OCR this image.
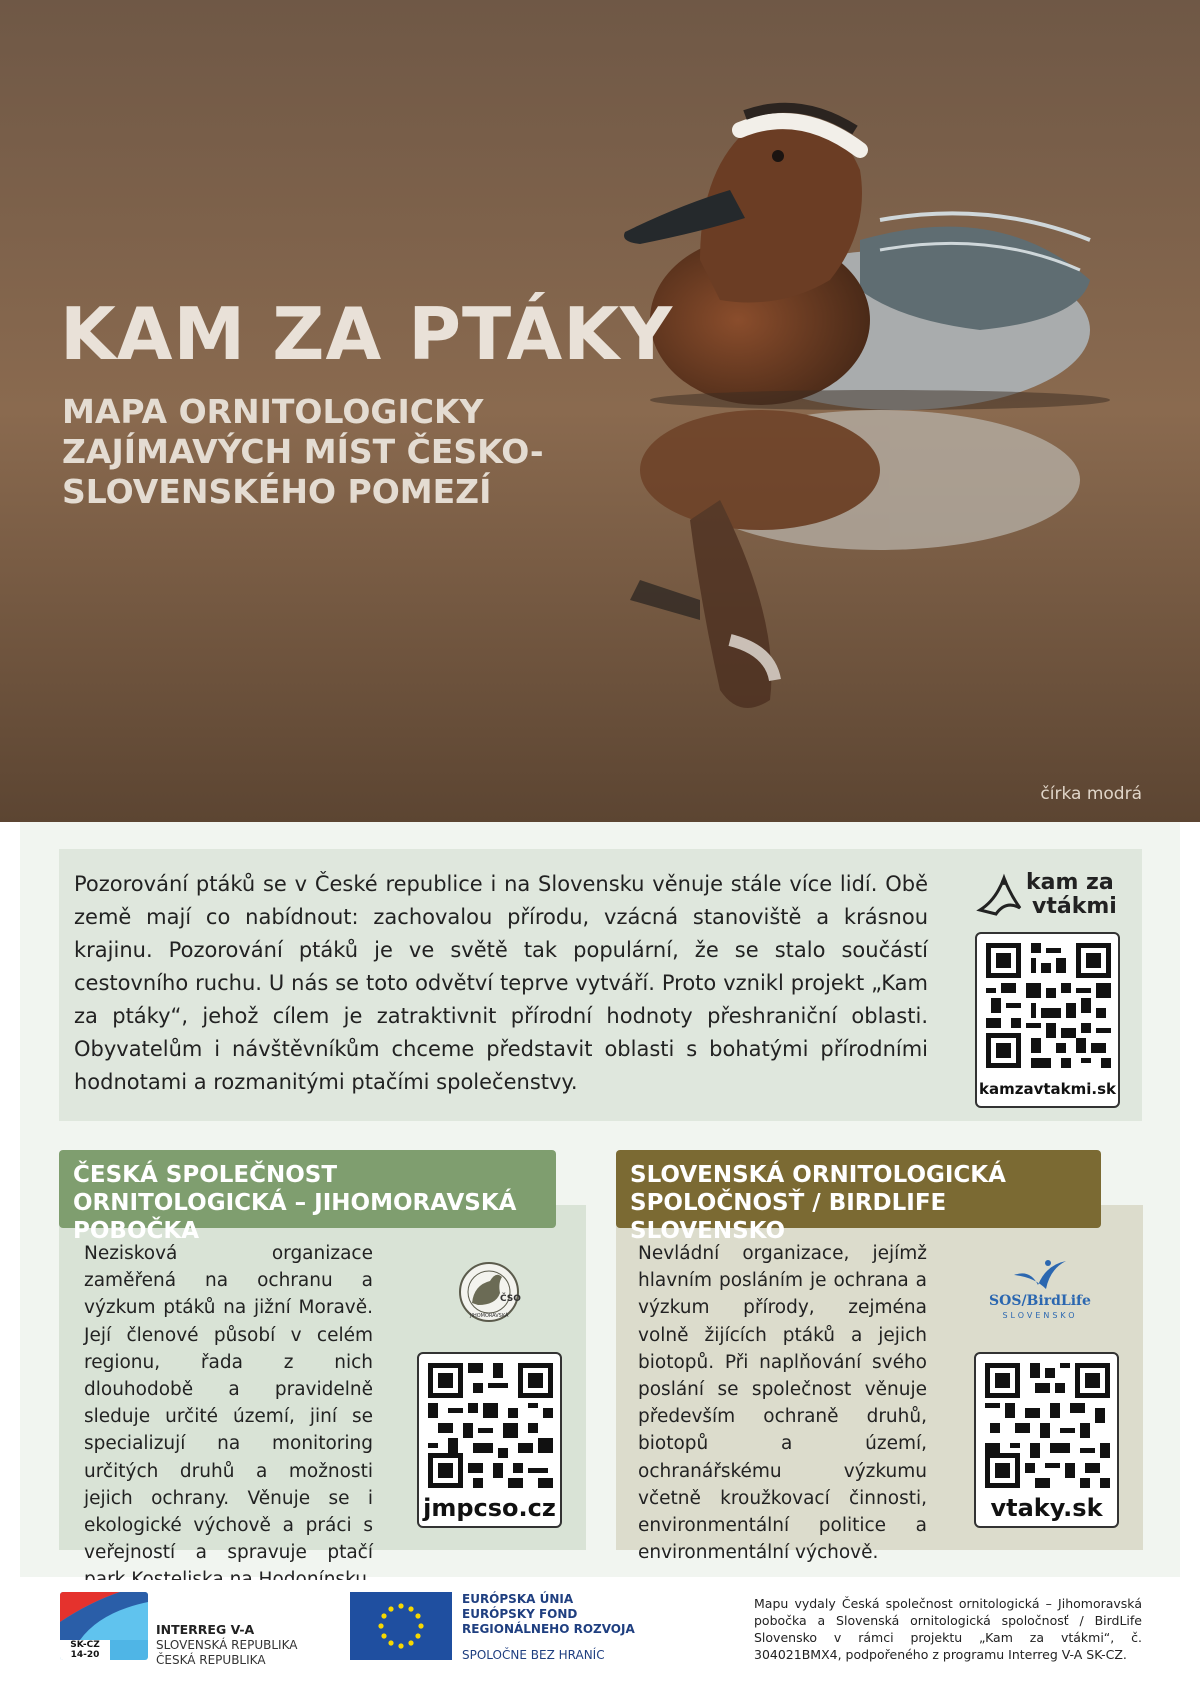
KAM ZA PTÁKY
MAPA ORNITOLOGICKY ZAJÍMAVÝCH MÍST ČESKO-SLOVENSKÉHO POMEZÍ
čírka modrá
Pozorování ptáků se v České republice i na Slovensku věnuje stále více lidí. Obě země mají co nabídnout: zachovalou přírodu, vzácná stanoviště a krásnou krajinu. Pozorování ptáků je ve světě tak populární, že se stalo součástí cestovního ruchu. U nás se toto odvětví teprve vytváří. Proto vznikl projekt „Kam za ptáky“, jehož cílem je zatraktivnit přírodní hodnoty přeshraniční oblasti. Obyvatelům i návštěvníkům chceme představit oblasti s bohatými přírodními hodnotami a rozmanitými ptačími společenstvy.
kam za
vtákmi
kamzavtakmi.sk
ČESKÁ SPOLEČNOST ORNITOLOGICKÁ – JIHOMORAVSKÁ POBOČKA
Nezisková organizace zaměřená na ochranu a výzkum ptáků na jižní Moravě. Její členové působí v celém regionu, řada z nich dlouhodobě a pravidelně sleduje určité území, jiní se specializují na monitoring určitých druhů a možnosti jejich ochrany. Věnuje se i ekologické výchově a práci s veřejností a spravuje ptačí
ČSO
JIHOMORAVSKÁ
jmpcso.cz
SLOVENSKÁ ORNITOLOGICKÁ SPOLOČNOSŤ / BIRDLIFE SLOVENSKO
Nevládní organizace, jejímž hlavním posláním je ochrana a výzkum přírody, zejména volně žijících ptáků a jejich biotopů. Při naplňování svého poslání se společnost věnuje především ochraně druhů, biotopů a území, ochranářskému výzkumu včetně kroužkovací činnosti, environmentální politice a environmentální výchově.
SOS/BirdLife
SLOVENSKO
vtaky.sk
SK-CZ
14-20
INTERREG V-A
SLOVENSKÁ REPUBLIKA
ČESKÁ REPUBLIKA
EURÓPSKA ÚNIA
EURÓPSKY FOND
REGIONÁLNEHO ROZVOJA
SPOLOČNE BEZ HRANÍC
Mapu vydaly Česká společnost ornitologická – Jihomoravská pobočka a Slovenská ornitologická spoločnosť / BirdLife Slovensko v rámci projektu „Kam za vtákmi“, č. 304021BMX4, podpořeného z programu Interreg V-A SK-CZ.
